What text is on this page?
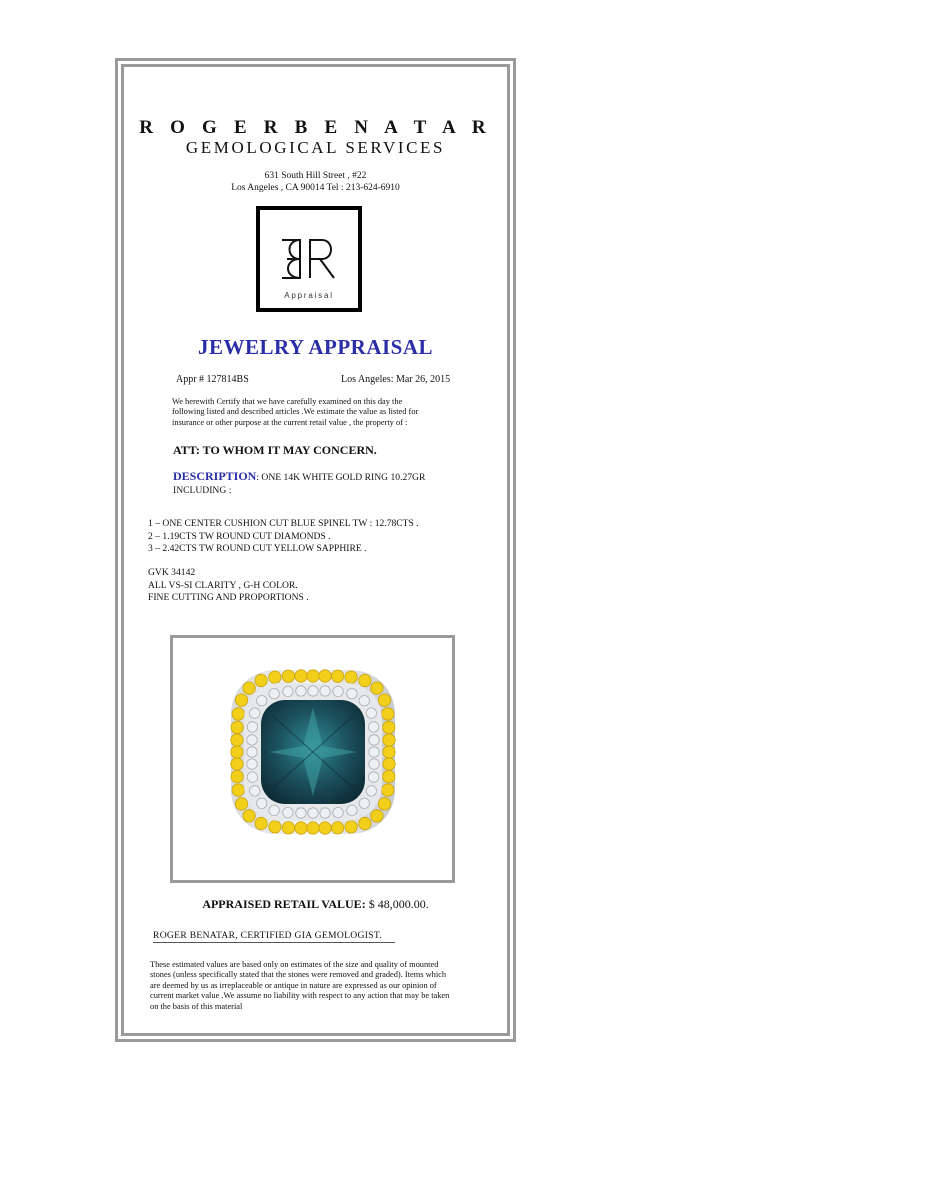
R O G E R B E N A T A R
GEMOLOGICAL SERVICES
631 South Hill Street , #22
Los Angeles , CA 90014 Tel : 213-624-6910
Appraisal
JEWELRY APPRAISAL
Appr # 127814BS	Los Angeles: Mar 26, 2015
We herewith Certify that we have carefully examined on this day the
following listed and described articles .We estimate the value as listed for
insurance or other purpose at the current retail value , the property of :
ATT: TO WHOM IT MAY CONCERN.
DESCRIPTION: ONE 14K WHITE GOLD RING 10.27GR
INCLUDING :
1 – ONE CENTER CUSHION CUT BLUE SPINEL TW : 12.78CTS .
2 – 1.19CTS TW ROUND CUT DIAMONDS .
3 – 2.42CTS TW ROUND CUT YELLOW SAPPHIRE .
GVK 34142
ALL VS-SI CLARITY , G-H COLOR.
FINE CUTTING AND PROPORTIONS .
APPRAISED RETAIL VALUE: $ 48,000.00.
ROGER BENATAR, CERTIFIED GIA GEMOLOGIST.
These estimated values are based only on estimates of the size and quality of mounted
stones (unless specifically stated that the stones were removed and graded). Items which
are deemed by us as irreplaceable or antique in nature are expressed as our opinion of
current market value .We assume no liability with respect to any action that may be taken
on the basis of this material
